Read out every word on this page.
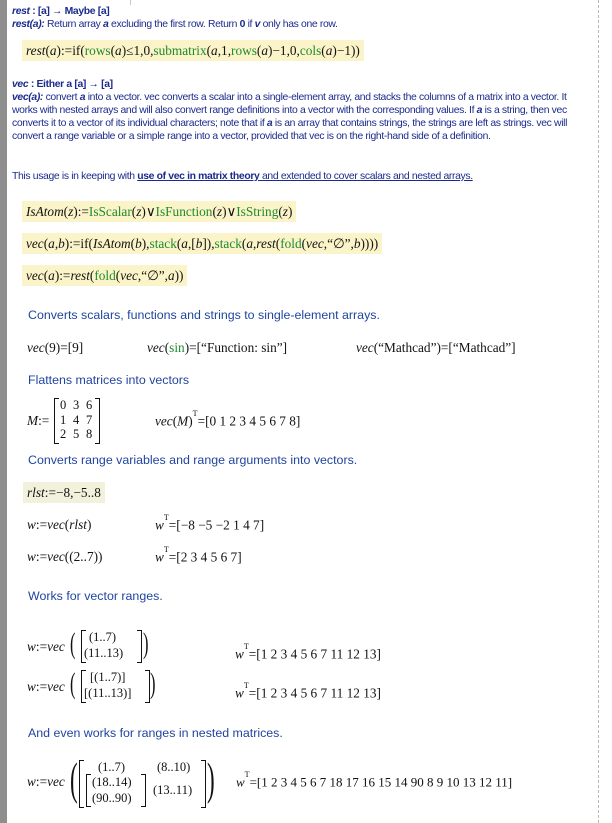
rest : [a] → Maybe [a]
rest(a): Return array a excluding the first row. Return 0 if v only has one row.
rest(a):=if(rows(a)≤1,0,submatrix(a,1,rows(a)−1,0,cols(a)−1))
vec : Either a [a] → [a]
vec(a): convert a into a vector. vec converts a scalar into a single-element array, and stacks the columns of a matrix into a vector. It works with nested arrays and will also convert range definitions into a vector with the corresponding values. If a is a string, then vec converts it to a vector of its individual characters; note that if a is an array that contains strings, the strings are left as strings. vec will convert a range variable or a simple range into a vector, provided that vec is on the right-hand side of a definition.
This usage is in keeping with use of vec in matrix theory and extended to cover scalars and nested arrays.
IsAtom(z):=IsScalar(z)∨IsFunction(z)∨IsString(z)
vec(a,b):=if(IsAtom(b),stack(a,[b]),stack(a,rest(fold(vec,“∅”,b))))
vec(a):=rest(fold(vec,“∅”,a))
Converts scalars, functions and strings to single-element arrays.
vec(9)=[9]	vec(sin)=[“Function: sin”]	vec(“Mathcad”)=[“Mathcad”]
Flattens matrices into vectors
M:=
0 3 6
1 4 7
2 5 8
$vec(M)^T=[0$ 1 2 3 4 5 6 7 8]
Converts range variables and range arguments into vectors.
rlst:=−8,−5..8
w:=vec(rlst)	$w^T=[-8 -5 -2$ 1 4 7]
w:=vec((2..7))	$w^T=[2$ 3 4 5 6 7]
Works for vector ranges.
w:=vec ( (1..7)
(11..13) )	$w^T=[1$ 2 3 4 5 6 7 11 12 13]
w:=vec ( [(1..7)]
[(11..13)] )	$w^T=[1$ 2 3 4 5 6 7 11 12 13]
And even works for ranges in nested matrices.
w:=vec ( (1..7)
(18..14)
(90..90)
(8..10)
(13..11) ) $w^T=[1$ 2 3 4 5 6 7 18 17 16 15 14 90 8 9 10 13 12 11]
